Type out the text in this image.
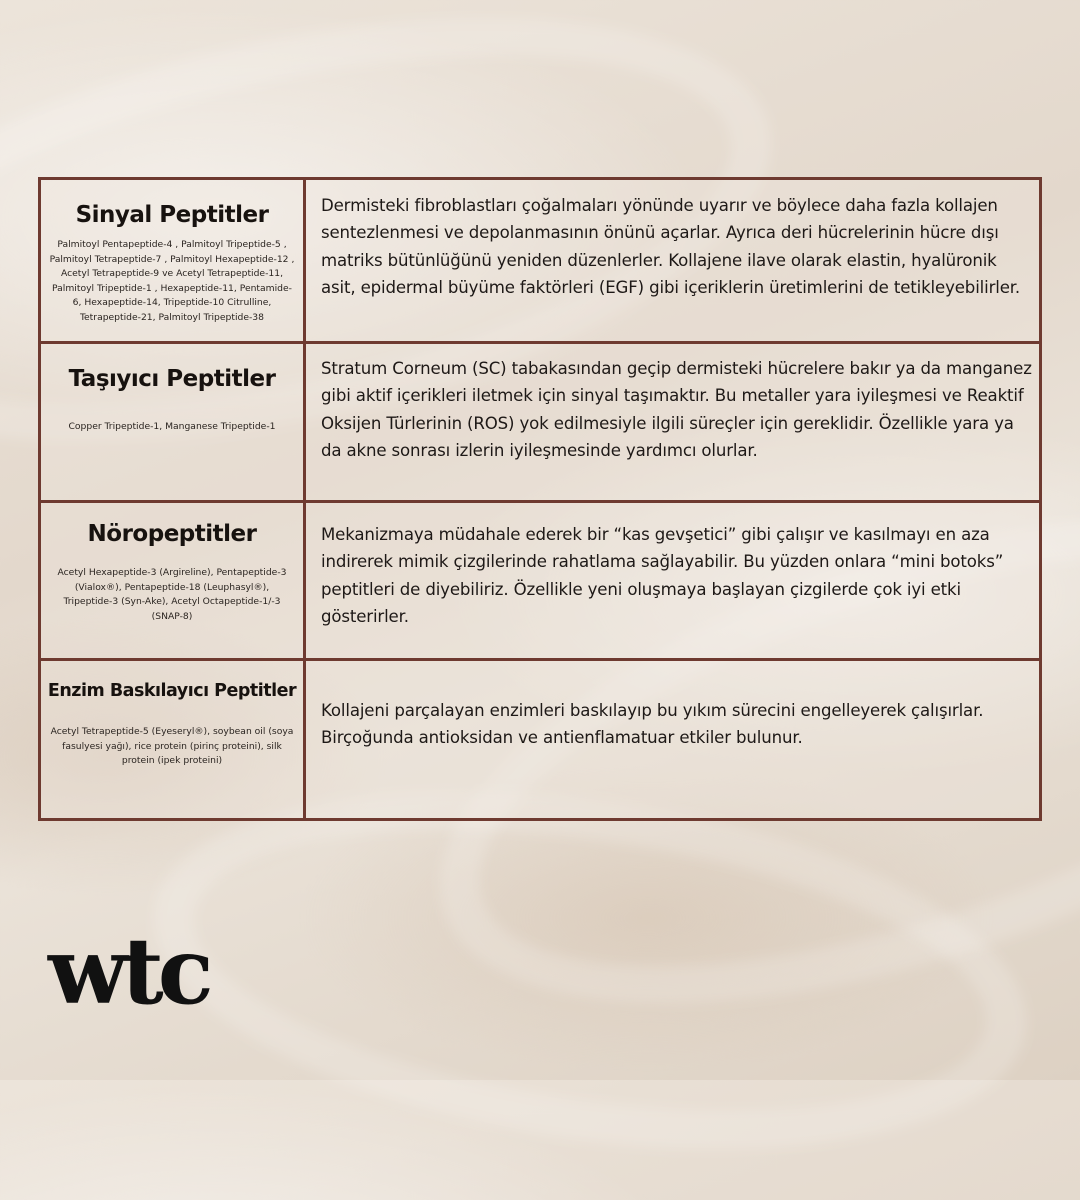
Sinyal Peptitler
Palmitoyl Pentapeptide-4 , Palmitoyl Tripeptide-5 , Palmitoyl Tetrapeptide-7 , Palmitoyl Hexapeptide-12 , Acetyl Tetrapeptide-9 ve Acetyl Tetrapeptide-11, Palmitoyl Tripeptide-1 , Hexapeptide-11, Pentamide-6, Hexapeptide-14, Tripeptide-10 Citrulline, Tetrapeptide-21, Palmitoyl Tripeptide-38
Dermisteki fibroblastları çoğalmaları yönünde uyarır ve böylece daha fazla kollajen sentezlenmesi ve depolanmasının önünü açarlar. Ayrıca deri hücrelerinin hücre dışı matriks bütünlüğünü yeniden düzenlerler. Kollajene ilave olarak elastin, hyalüronik asit, epidermal büyüme faktörleri (EGF) gibi içeriklerin üretimlerini de tetikleyebilirler.
Taşıyıcı Peptitler
Copper Tripeptide-1, Manganese Tripeptide-1
Stratum Corneum (SC) tabakasından geçip dermisteki hücrelere bakır ya da manganez gibi aktif içerikleri iletmek için sinyal taşımaktır. Bu metaller yara iyileşmesi ve Reaktif Oksijen Türlerinin (ROS) yok edilmesiyle ilgili süreçler için gereklidir. Özellikle yara ya da akne sonrası izlerin iyileşmesinde yardımcı olurlar.
Nöropeptitler
Acetyl Hexapeptide-3 (Argireline), Pentapeptide-3 (Vialox®), Pentapeptide-18 (Leuphasyl®), Tripeptide-3 (Syn-Ake), Acetyl Octapeptide-1/-3 (SNAP-8)
Mekanizmaya müdahale ederek bir “kas gevşetici” gibi çalışır ve kasılmayı en aza indirerek mimik çizgilerinde rahatlama sağlayabilir. Bu yüzden onlara “mini botoks” peptitleri de diyebiliriz. Özellikle yeni oluşmaya başlayan çizgilerde çok iyi etki gösterirler.
Enzim Baskılayıcı Peptitler
Acetyl Tetrapeptide-5 (Eyeseryl®), soybean oil (soya fasulyesi yağı), rice protein (pirinç proteini), silk protein (ipek proteini)
Kollajeni parçalayan enzimleri baskılayıp bu yıkım sürecini engelleyerek çalışırlar. Birçoğunda antioksidan ve antienflamatuar etkiler bulunur.
wtc
